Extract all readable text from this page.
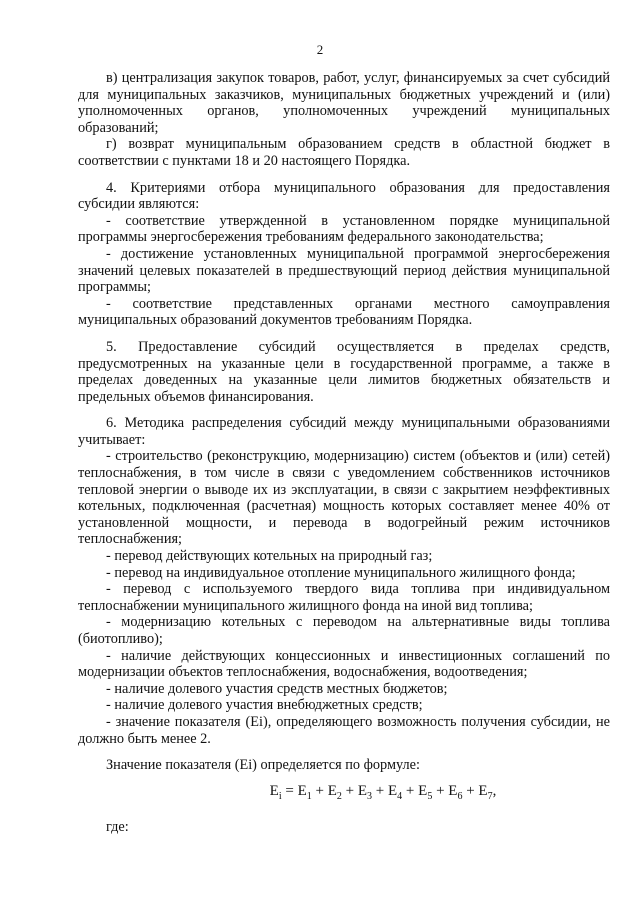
2

в) централизация закупок товаров, работ, услуг, финансируемых за счет субсидий для муниципальных заказчиков, муниципальных бюджетных учреждений и (или) уполномоченных органов, уполномоченных учреждений муниципальных образований;

г) возврат муниципальным образованием средств в областной бюджет в соответствии с пунктами 18 и 20 настоящего Порядка.

4. Критериями отбора муниципального образования для предоставления субсидии являются:

- соответствие утвержденной в установленном порядке муниципальной программы энергосбережения требованиям федерального законодательства;

- достижение установленных муниципальной программой энергосбережения значений целевых показателей в предшествующий период действия муниципальной программы;

- соответствие представленных органами местного самоуправления муниципальных образований документов требованиям Порядка.

5. Предоставление субсидий осуществляется в пределах средств, предусмотренных на указанные цели в государственной программе, а также в пределах доведенных на указанные цели лимитов бюджетных обязательств и предельных объемов финансирования.

6. Методика распределения субсидий между муниципальными образованиями учитывает:

- строительство (реконструкцию, модернизацию) систем (объектов и (или) сетей) теплоснабжения, в том числе в связи с уведомлением собственников источников тепловой энергии о выводе их из эксплуатации, в связи с закрытием неэффективных котельных, подключенная (расчетная) мощность которых составляет менее 40% от установленной мощности, и перевода в водогрейный режим источников теплоснабжения;

- перевод действующих котельных на природный газ;

- перевод на индивидуальное отопление муниципального жилищного фонда;

- перевод с используемого твердого вида топлива при индивидуальном теплоснабжении муниципального жилищного фонда на иной вид топлива;

- модернизацию котельных с переводом на альтернативные виды топлива (биотопливо);

- наличие действующих концессионных и инвестиционных соглашений по модернизации объектов теплоснабжения, водоснабжения, водоотведения;

- наличие долевого участия средств местных бюджетов;

- наличие долевого участия внебюджетных средств;

- значение показателя (Ei), определяющего возможность получения субсидии, не должно быть менее 2.

Значение показателя (Ei) определяется по формуле:

$E_i = E_1 + E_2 + E_3 + E_4 + E_5 + E_6 + E_7$,

где:
